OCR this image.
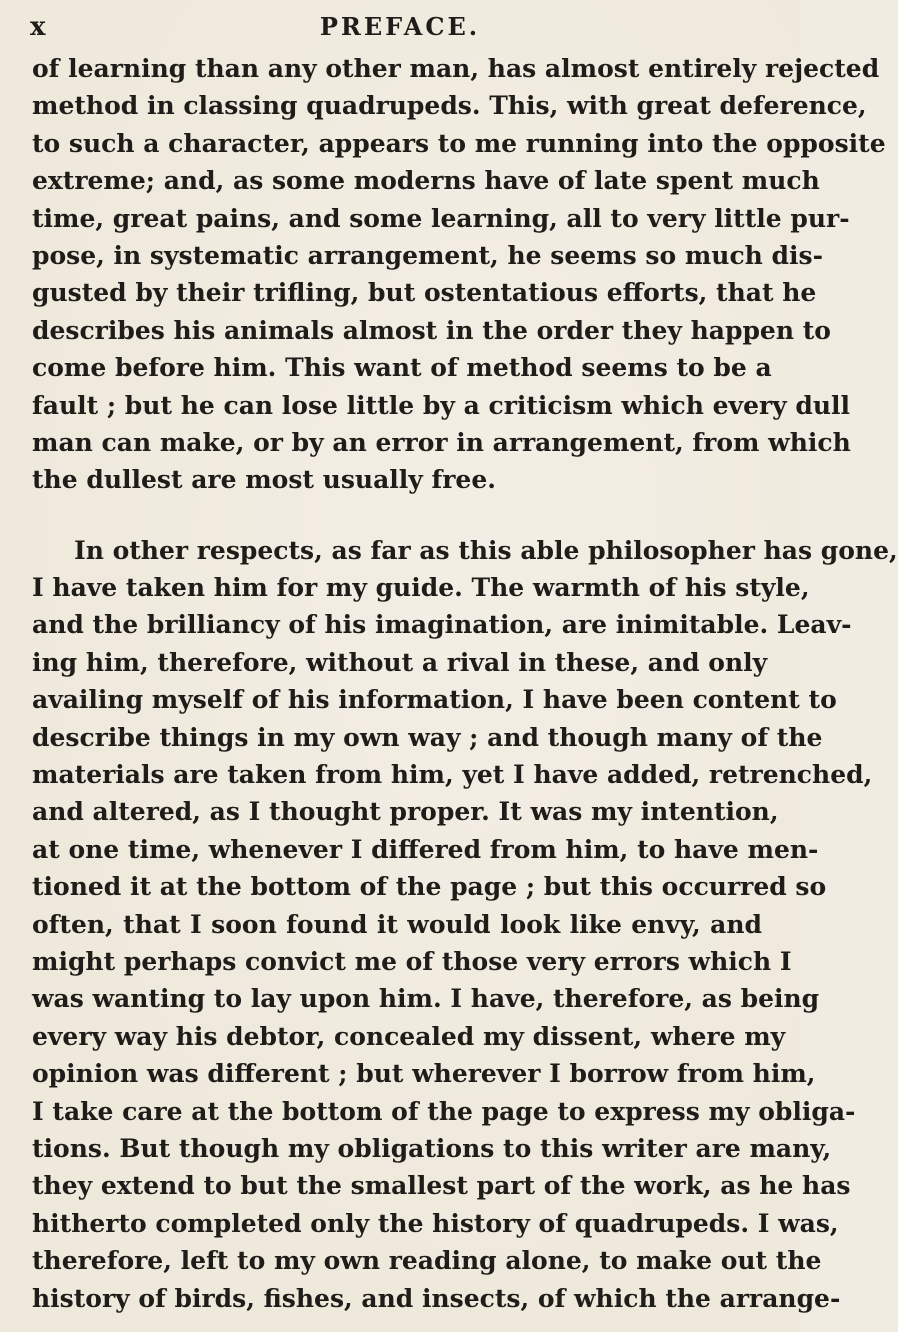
x	PREFACE.
of learning than any other man, has almost entirely rejected
method in classing quadrupeds. This, with great deference,
to such a character, appears to me running into the opposite
extreme; and, as some moderns have of late spent much
time, great pains, and some learning, all to very little pur-
pose, in systematic arrangement, he seems so much dis-
gusted by their trifling, but ostentatious efforts, that he
describes his animals almost in the order they happen to
come before him. This want of method seems to be a
fault ; but he can lose little by a criticism which every dull
man can make, or by an error in arrangement, from which
the dullest are most usually free.
In other respects, as far as this able philosopher has gone,
I have taken him for my guide. The warmth of his style,
and the brilliancy of his imagination, are inimitable. Leav-
ing him, therefore, without a rival in these, and only
availing myself of his information, I have been content to
describe things in my own way ; and though many of the
materials are taken from him, yet I have added, retrenched,
and altered, as I thought proper. It was my intention,
at one time, whenever I differed from him, to have men-
tioned it at the bottom of the page ; but this occurred so
often, that I soon found it would look like envy, and
might perhaps convict me of those very errors which I
was wanting to lay upon him. I have, therefore, as being
every way his debtor, concealed my dissent, where my
opinion was different ; but wherever I borrow from him,
I take care at the bottom of the page to express my obliga-
tions. But though my obligations to this writer are many,
they extend to but the smallest part of the work, as he has
hitherto completed only the history of quadrupeds. I was,
therefore, left to my own reading alone, to make out the
history of birds, fishes, and insects, of which the arrange-
